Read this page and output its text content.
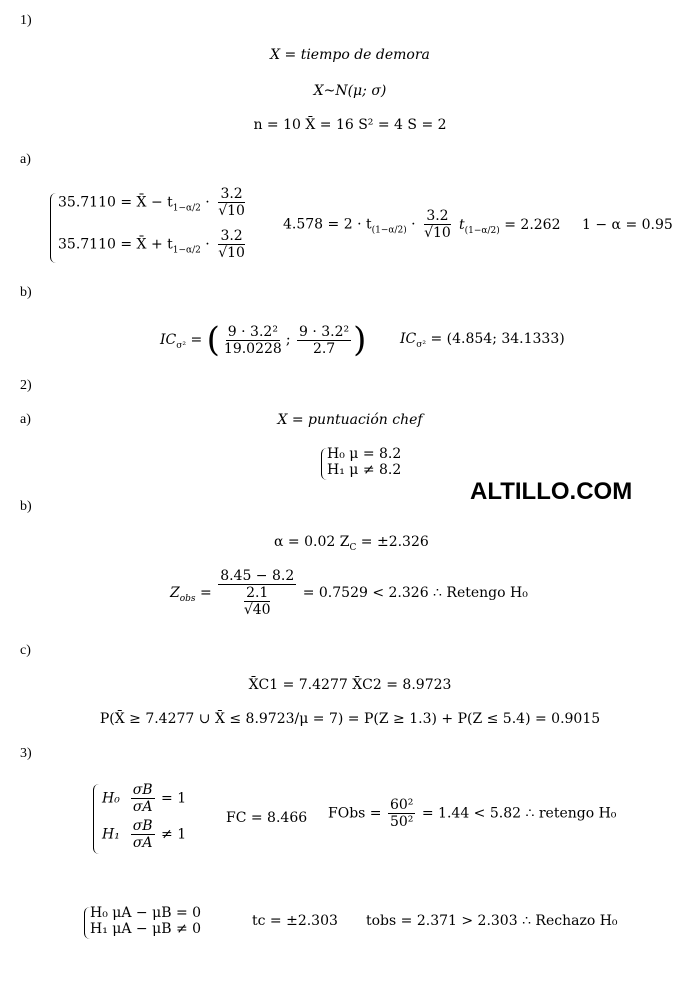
1)
a)
b)
2)
a)
b)
c)
3)
ALTILLO.COM
X = tiempo de demora
X~N(μ; σ)
n = 10 X̄ = 16 S² = 4 S = 2
35.7110 = X̄ − $t_{1-\alpha/2} \cdot \frac{3.2}{√10}$
35.7110 = X̄ + $t_{1-\alpha/2} \cdot \frac{3.2}{√10}$
$4.578 = 2 \cdot t_{(1-\alpha/2)} \cdot \frac{3.2}{√10} t_{(1-\alpha/2)} = 2.262$ 1 − α = 0.95
$IC_{\sigma^2}$ = ( $\frac{\text{9 · 3.2²}}{19.0228}$ ; $\frac{\text{9 · 3.2²}}{2.7}$ ) $IC_{\sigma^2} = (4.854$; 34.1333)
X = puntuación chef
H₀ μ = 8.2
H₁ μ ≠ 8.2
α = 0.02 $Z_C = \pm 2.326$
$Z_{obs} = \frac{8.45 - 8.2}{\frac{2.1}{√40}} = 0.7529 < 2.326$ ∴ Retengo H₀
X̄C1 = 7.4277 X̄C2 = 8.9723
P(X̄ ≥ 7.4277 ∪ X̄ ≤ 8.9723/μ = 7) = P(Z ≥ 1.3) + P(Z ≤ 5.4) = 0.9015
$H_0 \frac{\sigma B}{\sigma A} = 1$
$H_1 \frac{\sigma B}{\sigma A} \ne 1$
FC = 8.466 FObs = $\frac{\text{60²}}{\text{50²}} = 1.44 < 5.82$ ∴ retengo H₀
H₀ μA − μB = 0
H₁ μA − μB ≠ 0	tc = ±2.303 tobs = 2.371 > 2.303 ∴ Rechazo H₀
